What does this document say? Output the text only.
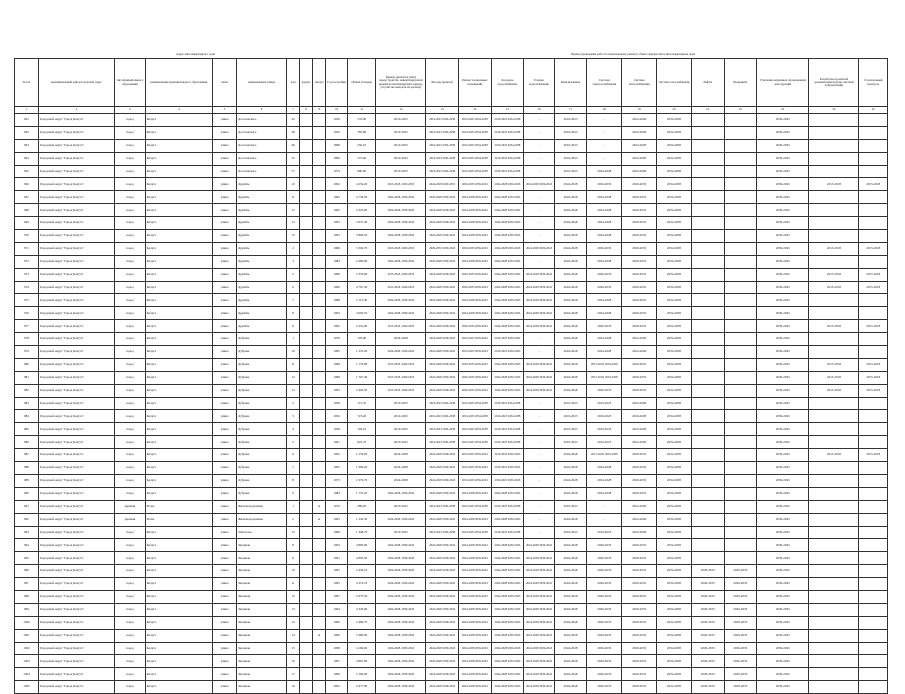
Адрес многоквартирного дома	Период проведения работ по капитальному ремонту общего имущества в многоквартирном доме
№ п/п	муниципальный район/городской округ	тип муниципального образования	наименование муниципального образования	типы	наименование улицы	дом	корпус	литера	Год постройки	Общая площадь	Крыша (ремонт и (или) переустройство невентилируемой крыши на вентилируемую крышу, устройство выходов на кровлю)	Фасады (ремонт)	Ремонт подвальных помещений	Холодное водоснабжение	Горячее водоснабжение	Канализование	Система электроснабжения	Система теплоснабжения	Система газоснабжения	Лифты	Фундамент	Утепление наружных ограждающих конструкций	Разработка проектной документации и (или) сметной документации	Строительный контроль
1	2	3	4	5	6	7	8	9	10	11	12	13	14	15	16	17	18	19	20	21	22	23	24	25
961	Городской округ "Город Калуга"	город	Калуга	улица	Достоевского	45			1956	570,90	2019-2023	2019-2023 2034-2038	2019-2023 2034-2038	2019-2023 2034-2038	-	2019-2023	-	2024-2028	2034-2038			2039-2043		
962	Городской округ "Город Калуга"	город	Калуга	улица	Достоевского	48			1920	785,60	2019-2023	2019-2023 2034-2038	2019-2023 2034-2038	2019-2023 2034-2038	-	2019-2023	-	2024-2028	2034-2038			2039-2043		
963	Городской округ "Город Калуга"	город	Калуга	улица	Достоевского	49			1868	256,10	2019-2023	2019-2023 2034-2038	2019-2023 2034-2038	2019-2023 2034-2038	-	2019-2023	-	2024-2028	2034-2038			2039-2043		
964	Городской округ "Город Калуга"	город	Калуга	улица	Достоевского	55			1899	572,40	2019-2023	2019-2023 2034-2038	2019-2023 2034-2038	2019-2023 2034-2038	-	2019-2023	-	2024-2028	2034-2038			2039-2043		
965	Городской округ "Город Калуга"	город	Калуга	улица	Достоевского	57			1974	990,00	2019-2023	2019-2023 2034-2038	2019-2023 2034-2038	2019-2023 2034-2038	-	2019-2023	2024-2028	2024-2028	2034-2038			2039-2043		
966	Городской округ "Город Калуга"	город	Калуга	улица	Дружбы	10			1992	4 254,20	2015-2018, 2029-2033	2024-2028 2029-2033	2029-2033 2039-2043	2024-2028 2039-2043	2024-2028 2039-2043	2024-2028	2029-2033	2029-2033	2034-2038			2039-2043	2015-2018	2015-2018
967	Городской округ "Город Калуга"	город	Калуга	улица	Дружбы	11			1995	4 739,50	2024-2028, 2039-2043	2024-2028 2039-2043	2024-2028 2039-2043	2024-2028 2039-2043	-	2024-2028	2024-2028	2029-2033	2034-2038			2039-2043		
968	Городской округ "Город Калуга"	город	Калуга	улица	Дружбы	12			1992	4 323,00	2024-2028, 2039-2043	2024-2028 2039-2043	2024-2028 2039-2043	2024-2028 2039-2043	-	2024-2028	2024-2028	2029-2033	2034-2038			2039-2043		
969	Городской округ "Город Калуга"	город	Калуга	улица	Дружбы	13			1993	3 937,40	2024-2028, 2039-2043	2024-2028 2039-2043	2024-2028 2039-2043	2024-2028 2039-2043	-	2024-2028	2024-2028	2029-2033	2034-2038			2039-2043		
970	Городской округ "Город Калуга"	город	Калуга	улица	Дружбы	15			1993	3 896,50	2024-2028, 2039-2043	2024-2028 2039-2043	2024-2028 2039-2043	2024-2028 2039-2043	-	2024-2028	2024-2028	2029-2033	2034-2038			2039-2043		
971	Городской округ "Город Калуга"	город	Калуга	улица	Дружбы	2			1986	3 392,70	2015-2018, 2029-2033	2029-2033 2039-2043	2029-2033 2039-2043	2024-2028 2039-2043	2024-2028 2039-2043	2024-2028	2029-2033	2029-2033	2034-2038			2039-2043	2015-2018	2015-2018
972	Городской округ "Город Калуга"	город	Калуга	улица	Дружбы	3			1984	2 680,60	2024-2028, 2039-2043	2024-2028 2039-2043	2024-2028 2039-2043	2024-2028 2039-2043	-	2024-2028	2024-2028	2029-2033	2034-2038			2039-2043		
973	Городской округ "Город Калуга"	город	Калуга	улица	Дружбы	5			1989	2 379,90	2015-2018, 2029-2033	2024-2028 2039-2043	2029-2033 2039-2043	2024-2028 2039-2043	2024-2028 2039-2043	2024-2028	2029-2033	2029-2033	2034-2038			2039-2043	2015-2018	2015-2018
974	Городской округ "Город Калуга"	город	Калуга	улица	Дружбы	6			1990	4 767,30	2015-2018, 2029-2033	2024-2028 2039-2043	2029-2033 2039-2043	2024-2028 2039-2043	2024-2028 2039-2043	2024-2028	2029-2033	2029-2033	2034-2038			2039-2043	2015-2018	2015-2018
975	Городской округ "Город Калуга"	город	Калуга	улица	Дружбы	7			1988	2 113,30	2024-2028, 2039-2043	2024-2028 2039-2043	2024-2028 2039-2043	2024-2028 2039-2043	2024-2028 2039-2043	2024-2028	2024-2028	2029-2033	2034-2038			2039-2043		
976	Городской округ "Город Калуга"	город	Калуга	улица	Дружбы	8			1993	4 692,70	2024-2028, 2039-2043	2024-2028 2039-2043	2024-2028 2039-2043	2024-2028 2039-2043	2024-2028 2039-2043	2024-2028	2024-2028	2029-2033	2034-2038			2039-2043		
977	Городской округ "Город Калуга"	город	Калуга	улица	Дружбы	9			1995	5 252,00	2015-2018, 2029-2033	2024-2028 2039-2043	2029-2033 2039-2043	2024-2028 2039-2043	2024-2028 2039-2043	2024-2028	2029-2033	2029-2033	2034-2038			2039-2043	2015-2018	2015-2018
978	Городской округ "Город Калуга"	город	Калуга	улица	Дубрава	1			1979	720,00	2024-2028	2024-2028 2039-2043	2019-2023 2039-2043	2019-2023 2039-2043	-	2024-2028	2024-2028	2024-2028	2034-2038			2039-2043		
979	Городской округ "Город Калуга"	город	Калуга	улица	Дубрава	10			1985	1 270,20	2024-2028, 2039-2043	2024-2028 2039-2043	2019-2023 2039-2043	2019-2023 2039-2043	-	2024-2028	2024-2028	2024-2028	2034-2038			2039-2043		
980	Городской округ "Город Калуга"	город	Калуга	улица	Дубрава	11			1989	1 779,80	2015-2018, 2029-2033	2024-2028 2039-2043	2029-2033 2039-2043	2024-2028 2039-2043	2024-2028 2039-2043	2024-2028	2015-2018, 2034-2038	2029-2033	2034-2038			2039-2043	2015-2018	2015-2018
981	Городской округ "Город Калуга"	город	Калуга	улица	Дубрава	12			1989	1 767,40	2015-2018, 2029-2033	2024-2028 2039-2043	2029-2033 2039-2043	2024-2028 2039-2043	2024-2028 2039-2043	2024-2028	2015-2018, 2034-2038	2029-2033	2034-2038			2039-2043	2015-2018	2015-2018
982	Городской округ "Город Калуга"	город	Калуга	улица	Дубрава	13			1993	3 403,30	2015-2018, 2029-2033	2024-2028 2039-2043	2029-2033 2039-2043	2024-2028 2039-2043	2024-2028 2039-2043	2024-2028	2029-2033	2029-2033	2034-2038			2039-2043	2015-2018	2015-2018
983	Городской округ "Город Калуга"	город	Калуга	улица	Дубрава	2			1958	721,70	2019-2023	2019-2023 2034-2038	2019-2023 2034-2038	2019-2023 2034-2038	-	2019-2023	2019-2023	2024-2028	2034-2038			2039-2043		
984	Городской округ "Город Калуга"	город	Калуга	улица	Дубрава	3			1956	723,40	2019-2023	2019-2023 2034-2038	2019-2023 2034-2038	2019-2023 2034-2038	-	2019-2023	2019-2023	2024-2028	2034-2038			2039-2043		
985	Городской округ "Город Калуга"	город	Калуга	улица	Дубрава	4			1959	729,10	2019-2023	2019-2023 2034-2038	2019-2023 2034-2038	2019-2023 2034-2038	-	2019-2023	2019-2023	2024-2028	2034-2038			2039-2043		
986	Городской округ "Город Калуга"	город	Калуга	улица	Дубрава	5			1961	622,70	2019-2023	2019-2023 2034-2038	2019-2023 2034-2038	2019-2023 2034-2038	-	2019-2023	2019-2023	2024-2028	2034-2038			2039-2043		
987	Городской округ "Город Калуга"	город	Калуга	улица	Дубрава	6			1965	1 279,00	2024-2028	2024-2028 2039-2043	2019-2023 2039-2043	2019-2023 2039-2043	-	2024-2028	2015-2018, 2034-2038	2029-2033	2034-2038			2039-2043	2015-2018	2015-2018
988	Городской округ "Город Калуга"	город	Калуга	улица	Дубрава	7			1965	1 996,20	2024-2028	2024-2028 2039-2043	2019-2023 2039-2043	2019-2023 2039-2043	-	2024-2028	2024-2028	2029-2033	2034-2038			2039-2043		
989	Городской округ "Город Калуга"	город	Калуга	улица	Дубрава	8			1973	1 976,70	2024-2028	2024-2028 2039-2043	2019-2023 2039-2043	2019-2023 2039-2043	-	2024-2028	2024-2028	2029-2033	2034-2038			2039-2043		
990	Городской округ "Город Калуга"	город	Калуга	улица	Дубрава	9			1984	1 770,20	2024-2028, 2039-2043	2024-2028 2039-2043	2024-2028 2039-2043	2024-2028 2039-2043	-	2024-2028	2024-2028	2029-2033	2034-2038			2039-2043		
991	Городской округ "Город Калуга"	деревня	Росва	улица	Железнодорожная	1		А	1976	289,20	2019-2023	2019-2023 2034-2038	2019-2023 2034-2038	2019-2023 2034-2038	-	2019-2023	-	2024-2028	2034-2038			2039-2043		
992	Городской округ "Город Калуга"	деревня	Росва	улица	Железнодорожная	2		А	1963	1 230,30	2024-2028, 2039-2043	2024-2028 2039-2043	2024-2028 2039-2043	2024-2028 2039-2043	-	2024-2028	-	2024-2028	2034-2038			2039-2043		
993	Городской округ "Город Калуга"	город	Калуга	улица	Заболотье	15			1986	1 448,70	2019-2023	2019-2023 2034-2038	2019-2023 2034-2038	2019-2023 2034-2038	-	2019-2023	2019-2023	2024-2028	2034-2038			2039-2043		
994	Городской округ "Город Калуга"	город	Калуга	улица	Звездная	8			1993	4 890,90	2024-2028, 2039-2043	2024-2028 2039-2043	2024-2028 2039-2043	2024-2028 2039-2043	2024-2028 2039-2043	2024-2028	2029-2033	2029-2033	2034-2038			2039-2043		
995	Городской округ "Город Калуга"	город	Калуга	улица	Звездная	9			1991	4 893,50	2024-2028, 2039-2043	2024-2028 2039-2043	2024-2028 2039-2043	2024-2028 2039-2043	2024-2028 2039-2043	2024-2028	2029-2033	2029-2033	2034-2038			2039-2043		
996	Городской округ "Город Калуга"	город	Калуга	улица	Звездная	10			1995	4 430,10	2024-2028, 2039-2043	2024-2028 2039-2043	2024-2028 2039-2043	2024-2028 2039-2043	2024-2028 2039-2043	2024-2028	2029-2033	2029-2033	2034-2038	2029-2033	2029-2033	2039-2043		
997	Городской округ "Город Калуга"	город	Калуга	улица	Звездная	11			1995	4 374,70	2024-2028, 2039-2043	2024-2028 2039-2043	2024-2028 2039-2043	2024-2028 2039-2043	2024-2028 2039-2043	2024-2028	2029-2033	2029-2033	2034-2038	2029-2033	2029-2033	2039-2043		
998	Городской округ "Город Калуга"	город	Калуга	улица	Звездная	12			1997	2 673,30	2024-2028, 2039-2043	2024-2028 2039-2043	2024-2028 2039-2043	2024-2028 2039-2043	2024-2028 2039-2043	2024-2028	2029-2033	2029-2033	2034-2038	2029-2033	2029-2033	2039-2043		
999	Городской округ "Город Калуга"	город	Калуга	улица	Звездная	13			1994	4 345,00	2024-2028, 2039-2043	2024-2028 2039-2043	2024-2028 2039-2043	2024-2028 2039-2043	2024-2028 2039-2043	2024-2028	2029-2033	2029-2033	2034-2038	2029-2033	2029-2033	2039-2043		
1000	Городской округ "Город Калуга"	город	Калуга	улица	Звездная	14			1996	3 484,70	2024-2028, 2039-2043	2024-2028 2039-2043	2024-2028 2039-2043	2024-2028 2039-2043	2024-2028 2039-2043	2024-2028	2029-2033	2029-2033	2034-2038	2029-2033	2029-2033	2039-2043		
1001	Городской округ "Город Калуга"	город	Калуга	улица	Звездная	14		А	1996	7 680,00	2024-2028, 2039-2043	2024-2028 2039-2043	2024-2028 2039-2043	2024-2028 2039-2043	2024-2028 2039-2043	2024-2028	2029-2033	2029-2033	2034-2038	2029-2033	2029-2033	2039-2043		
1002	Городской округ "Город Калуга"	город	Калуга	улица	Звездная	15			1998	4 169,60	2024-2028, 2039-2043	2024-2028 2039-2043	2024-2028 2039-2043	2024-2028 2039-2043	2024-2028 2039-2043	2024-2028	2029-2033	2029-2033	2034-2038	2029-2033	2029-2033	2039-2043		
1003	Городской округ "Город Калуга"	город	Калуга	улица	Звездная	16			1997	4 867,60	2024-2028, 2039-2043	2024-2028 2039-2043	2024-2028 2039-2043	2024-2028 2039-2043	2024-2028 2039-2043	2024-2028	2029-2033	2029-2033	2034-2038	2029-2033	2029-2033	2039-2043		
1004	Городской округ "Город Калуга"	город	Калуга	улица	Звездная	17			1999	2 182,00	2024-2028, 2039-2043	2024-2028 2039-2043	2024-2028 2039-2043	2024-2028 2039-2043	2024-2028 2039-2043	2024-2028	2029-2033	2029-2033	2034-2038	2029-2033	2029-2033	2039-2043		
1005	Городской округ "Город Калуга"	город	Калуга	улица	Звездная	19			2002	2 977,90	2024-2028, 2039-2043	2024-2028 2039-2043	2024-2028 2039-2043	2024-2028 2039-2043	2024-2028 2039-2043	2024-2028	2029-2033	2029-2033	2034-2038	2029-2033	2029-2033	2039-2043		
